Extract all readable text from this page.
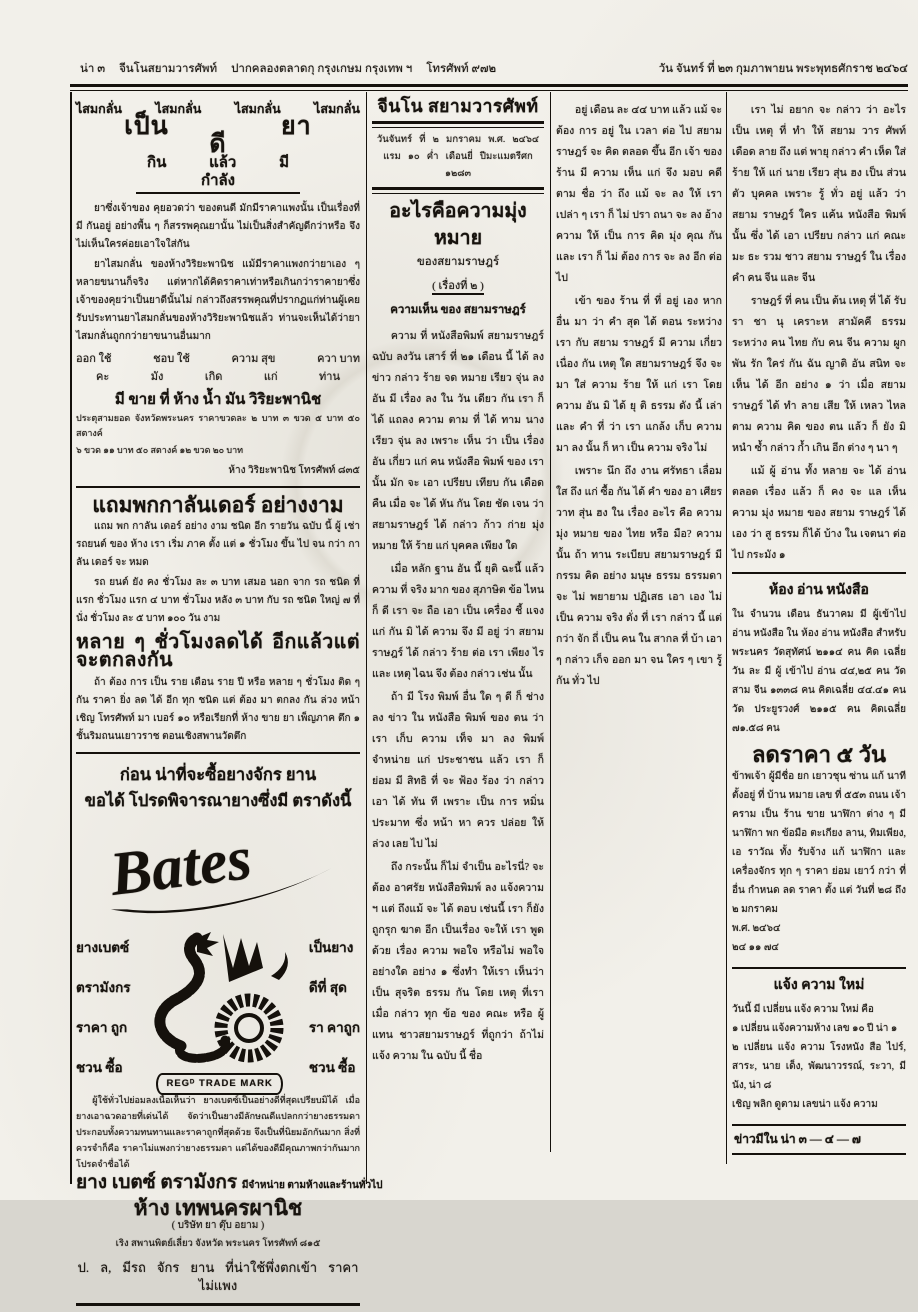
น่า ๓ จีนโนสยามวารศัพท์ ปากคลองตลาดกุ กรุงเกษม กรุงเทพ ฯ โทรศัพท์ ๙๗๒	วัน จันทร์ ที่ ๒๓ กุมภาพายน พระพุทธศักราช ๒๔๖๔
ไสมกลั่น	ไสมกลั่น	ไสมกลั่น	ไสมกลั่น
เป็น ยา ดี
กิน แล้ว มี กำลัง

ยาซึ่งเจ้าของ คุยอวดว่า ของตนดี มักมีราคาแพงนั้น เป็นเรื่องที่มี กันอยู่ อย่างพื้น ๆ ก็สรรพคุณยานั้น ไม่เป็นสิ่งสำคัญดีกว่าหรือ จึงไม่เห็นใครค่อยเอาใจใส่กัน

ยาไสมกลั่น ของห้างวิริยะพานิช แม้มีราคาแพงกว่ายาเอง ๆ หลายขนานก็จริง แต่หากได้คิดราคาเท่าหรือเกินกว่าราคายาซึ่งเจ้าของคุยว่าเป็นยาดีนั้นไม่ กล่าวถึงสรรพคุณที่ปรากฏแก่ท่านผู้เคยรับประทานยาไสมกลั่นของห้างวิริยะพานิชแล้ว ท่านจะเห็นได้ว่ายาไสมกลั่นถูกกว่ายาขนานอื่นมาก

ออก ใช้	ชอบ ใช้	ความ สุข	ควา บาท
คะ	มัง	เกิด	แก่	ท่าน
มี ขาย ที่ ห้าง น้ำ มัน วิริยะพานิช
ประตุสามยอด จังหวัดพระนคร ราคาขวดละ ๒ บาท ๓ ขวด ๕ บาท ๕๐ สตางค์
๖ ขวด ๑๑ บาท ๕๐ สตางค์ ๑๒ ขวด ๒๐ บาท
ห้าง วิริยะพานิช โทรศัพท์ ๘๓๕
แถมพกกาลันเดอร์ อย่างงาม

แถม พก กาลัน เดอร์ อย่าง งาม ชนิด อีก รายวัน ฉบับ นี้ ผู้ เช่า รถยนต์ ของ ห้าง เรา เริ่ม ภาค ตั้ง แต่ ๑ ชั่วโมง ขึ้น ไป จน กว่า กาลัน เดอร์ จะ หมด

รถ ยนต์ ยัง คง ชั่วโมง ละ ๓ บาท เสมอ นอก จาก รถ ชนิด ที่ แรก ชั่วโมง แรก ๔ บาท ชั่วโมง หลัง ๓ บาท กับ รถ ชนิด ใหญ่ ๗ ที่ นั่ง ชั่วโมง ละ ๕ บาท ๑๐๐ วัน งาม

หลาย ๆ ชั่วโมงลดได้ อีกแล้วแต่จะตกลงกัน

ถ้า ต้อง การ เป็น ราย เดือน ราย ปี หรือ หลาย ๆ ชั่วโมง ติด ๆ กัน ราคา ยิ่ง ลด ได้ อีก ทุก ชนิด แต่ ต้อง มา ตกลง กัน ล่วง หน้า เชิญ โทรศัพท์ มา เบอร์ ๑๐ หรือเรียกที่ ห้าง ขาย ยา เพ็ญภาค ตึก ๑ ชั้นริมถนนเยาวราช ตอนเชิงสพานวัดตึก

ก่อน น่าที่จะซื้อยางจักร ยาน
ขอได้ โปรดพิจารณายางซึ่งมี ตราดังนี้
Bates
ยางเบตซ์
ตรามังกร
ราคา ถูก
ชวน ซื้อ
REGᴰ TRADE MARK
เป็นยาง
ดีที่ สุด
รา คาถูก
ชวน ซื้อ

ผู้ใช้ทั่วไปย่อมลงเนื้อเห็นว่า ยางเบตซ์เป็นอย่างดีที่สุดเปรียบมิได้ เมื่อยางเอาฉวดอายที่เด่นได้ จัดว่าเป็นยางมีลักษณดีแปลกกว่ายางธรรมดา ประกอบทั้งความทนทานและราคาถูกที่สุดด้วย จึงเป็นที่นิยมอักกันมาก สิ่งที่ควรจำก็คือ ราคาไม่แพงกว่ายางธรรมดา แต่ได้ของดีมีคุณภาพกว่ากันมาก โปรดจำชื่อได้

ยาง เบตซ์ ตรามังกร มีจำหน่าย ตามห้างและร้านทั่วไป
ห้าง เทพนครผานิช
( บริษัท ยา ตุ๊บ อยาม )
เริง สพานพิตย์เลี่ยว จังหวัด พระนคร โทรศัพท์ ๘๑๕
ป. ล, มีรถ จักร ยาน ที่น่าใช้พึ่งตกเข้า ราคา ไม่แพง
จีนโน สยามวารศัพท์
วันจันทร์ ที่ ๒ มกราคม พ.ศ. ๒๔๖๔
แรม ๑๐ ค่ำ เดือนยี่ ปีมะแมตรีศก ๑๒๘๓
อะไรคือความมุ่งหมาย
ของสยามราษฎร์
( เรื่องที่ ๒ )
ความเห็น ของ สยามราษฎร์

ความ ที่ หนังสือพิมพ์ สยามราษฎร์ ฉบับ ลงวัน เสาร์ ที่ ๒๑ เดือน นี้ ได้ ลง ข่าว กล่าว ร้าย จด หมาย เรียว จุ่น ลง อัน มี เรื่อง ลง ใน วัน เดียว กัน เรา ก็ ได้ แถลง ความ ตาม ที่ ได้ ทาม นาง เรียว จุ่น ลง เพราะ เห็น ว่า เป็น เรื่อง อัน เกี่ยว แก่ คน หนังสือ พิมพ์ ของ เรา นั้น มัก จะ เอา เปรียบ เทียบ กัน เดือด คืน เมื่อ จะ ได้ หัน กัน โดย ชัด เจน ว่า สยามราษฎร์ ได้ กล่าว ก้าว ก่าย มุ่ง หมาย ให้ ร้าย แก่ บุคคล เพียง ใด

เมื่อ หลัก ฐาน อัน นี้ ยุติ ฉะนี้ แล้ว ความ ที่ จริง มาก ของ สุภาษิต ข้อ ไหน ก็ ดี เรา จะ ถือ เอา เป็น เครื่อง ชี้ แจง แก่ กัน มิ ได้ ความ จึง มี อยู่ ว่า สยามราษฎร์ ได้ กล่าว ร้าย ต่อ เรา เพียง ไร และ เหตุ ไฉน จึง ต้อง กล่าว เช่น นั้น

ถ้า มี โรง พิมพ์ อื่น ใด ๆ ดี ก็ ช่าง ลง ข่าว ใน หนังสือ พิมพ์ ของ ตน ว่า เรา เก็บ ความ เท็จ มา ลง พิมพ์ จำหน่าย แก่ ประชาชน แล้ว เรา ก็ ย่อม มี สิทธิ ที่ จะ ฟ้อง ร้อง ว่า กล่าว เอา ได้ ทัน ที เพราะ เป็น การ หมิ่น ประมาท ซึ่ง หน้า หา ควร ปล่อย ให้ ล่วง เลย ไป ไม่

ถึง กระนั้น ก็ไม่ จำเป็น อะไรนี่? จะต้อง อาศรัย หนังสือพิมพ์ ลง แจ้งความ ฯ แต่ ถึงแม้ จะ ได้ ตอบ เช่นนี้ เรา ก็ยัง ถูกรุก ฆาต อีก เป็นเรื่อง จะให้ เรา พูด ด้วย เรื่อง ความ พอใจ หรือไม่ พอใจ อย่างใด อย่าง ๑ ซึ่งทำ ให้เรา เห็นว่า เป็น สุจริต ธรรม กัน โดย เหตุ ที่เรา เมื่อ กล่าว ทุก ข้อ ของ คณะ หรือ ผู้แทน ชาวสยามราษฎร์ ที่ถูกว่า ถ้าไม่ แจ้ง ความ ใน ฉบับ นี้ ชื่อ

อยู่ เดือน ละ ๔๔ บาท แล้ว แม้ จะ ต้อง การ อยู่ ใน เวลา ต่อ ไป สยามราษฎร์ จะ คิด ตลอด ขึ้น อีก เจ้า ของ ร้าน มี ความ เห็น แก่ จึง มอบ คดี ตาม ชื่อ ว่า ถึง แม้ จะ ลง ให้ เรา เปล่า ๆ เรา ก็ ไม่ ปรา ถนา จะ ลง อ้าง ความ ให้ เป็น การ คิด มุ่ง คุณ กัน และ เรา ก็ ไม่ ต้อง การ จะ ลง อีก ต่อ ไป

เข้า ของ ร้าน ที่ ที่ อยู่ เอง หาก อื่น มา ว่า คำ สุด ได้ ตอน ระหว่าง เรา กับ สยาม ราษฎร์ มี ความ เกี่ยว เนื่อง กัน เหตุ ใด สยามราษฎร์ จึง จะ มา ใส่ ความ ร้าย ให้ แก่ เรา โดย ความ อัน มิ ได้ ยุ ติ ธรรม ดัง นี้ เล่า และ คำ ที่ ว่า เรา แกล้ง เก็บ ความ มา ลง นั้น ก็ หา เป็น ความ จริง ไม่

เพราะ นึก ถึง งาน ศรัทธา เลื่อม ใส ถึง แก่ ซื้อ กัน ได้ คำ ของ อา เศียร วาท สุ่น ฮง ใน เรื่อง อะไร คือ ความ มุ่ง หมาย ของ ไทย หรือ มือ? ความ นั้น ถ้า ทาน ระเบียบ สยามราษฎร์ มี กรรม คิด อย่าง มนุษ ธรรม ธรรมดา จะ ไม่ พยายาม ปฏิเสธ เอา เอง ไม่ เป็น ความ จริง ดั่ง ที่ เรา กล่าว นี้ แต่ กว่า จัก ถี่ เป็น คน ใน สากล ที่ บ้า เอา ๆ กล่าว เก็จ ออก มา จน ใคร ๆ เขา รู้ กัน ทั่ว ไป

เรา ไม่ อยาก จะ กล่าว ว่า อะไร เป็น เหตุ ที่ ทำ ให้ สยาม วาร ศัพท์ เดือด ลาย ถึง แต่ พายุ กล่าว คำ เห็ด ใส่ ร้าย ให้ แก่ นาย เรียว สุ่น ฮง เป็น ส่วน ตัว บุคคล เพราะ รู้ ทั่ว อยู่ แล้ว ว่า สยาม ราษฎร์ ใคร แค้น หนังสือ พิมพ์ นั้น ซึ่ง ได้ เอา เปรียบ กล่าว แก่ คณะ มะ ธะ รวม ชาว สยาม ราษฎร์ ใน เรื่อง คำ คน จีน และ จีน

ราษฎร์ ที่ คน เป็น ต้น เหตุ ที่ ได้ รับ รา ชา นุ เคราะห สามัคคี ธรรม ระหว่าง คน ไทย กับ คน จีน ความ ผูก พัน รัก ใคร่ กัน ฉัน ญาติ อัน สนิท จะ เห็น ได้ อีก อย่าง ๑ ว่า เมื่อ สยาม ราษฎร์ ได้ ทำ ลาย เสีย ให้ เหลว ไหล ตาม ความ คิด ของ ตน แล้ว ก็ ยัง มิ หนำ ซ้ำ กล่าว ก้ำ เกิน อีก ต่าง ๆ นา ๆ

แม้ ผู้ อ่าน ทั้ง หลาย จะ ได้ อ่าน ตลอด เรื่อง แล้ว ก็ คง จะ แล เห็น ความ มุ่ง หมาย ของ สยาม ราษฎร์ ได้ เอง ว่า สู ธรรม ก็ได้ บ้าง ใน เจตนา ต่อ ไป กระมัง ๑

ห้อง อ่าน หนังสือ

ใน จำนวน เดือน ธันวาคม มี ผู้เข้าไป อ่าน หนังสือ ใน ห้อง อ่าน หนังสือ สำหรับ พระนคร วัดสุทัศน์ ๒๑๑๔ คน คิด เฉลี่ย วัน ละ มี ผู้ เข้าไป อ่าน ๔๔,๒๕ คน วัดสาม จีน ๑๓๓๘ คน คิดเฉลี่ย ๔๔.๔๑ คน วัด ประยูรวงศ์ ๒๑๑๕ คน คิดเฉลี่ย ๗๑.๕๘ คน

ลดราคา ๕ วัน

ข้าพเจ้า ผู้มีชื่อ ยก เยาวชุน ซ่าน แก้ นาที ตั้งอยู่ ที่ บ้าน หมาย เลข ที่ ๕๕๓ ถนน เจ้า คราม เป็น ร้าน ขาย นาฬิกา ต่าง ๆ มี นาฬิกา พก ข้อมือ ตะเกียง ลาน, ทิมเพียง, เอ ราวัณ ทั้ง รับจ้าง แก้ นาฬิกา และ เครื่องจักร ทุก ๆ ราคา ย่อม เยาว์ กว่า ที่ อื่น กำหนด ลด ราคา ตั้ง แต่ วันที่ ๒๘ ถึง ๒ มกราคม

พ.ศ. ๒๔๖๔

๒๔ ๑๑ ๗๔

แจ้ง ความ ใหม่

วันนี้ มี เปลี่ยน แจ้ง ความ ใหม่ คือ

๑ เปลี่ยน แจ้งความห้าง เลข ๑๐ ปี น่า ๑

๒ เปลี่ยน แจ้ง ความ โรงหนัง สือ ไปร์, สาระ, นาย เด็ง, พัฒนาวรรณ์, ระวา, มี นัง, น่า ๘

เชิญ พลิก ดูตาม เลขน่า แจ้ง ความ

ข่าวมีใน น่า ๓ — ๔ — ๗
